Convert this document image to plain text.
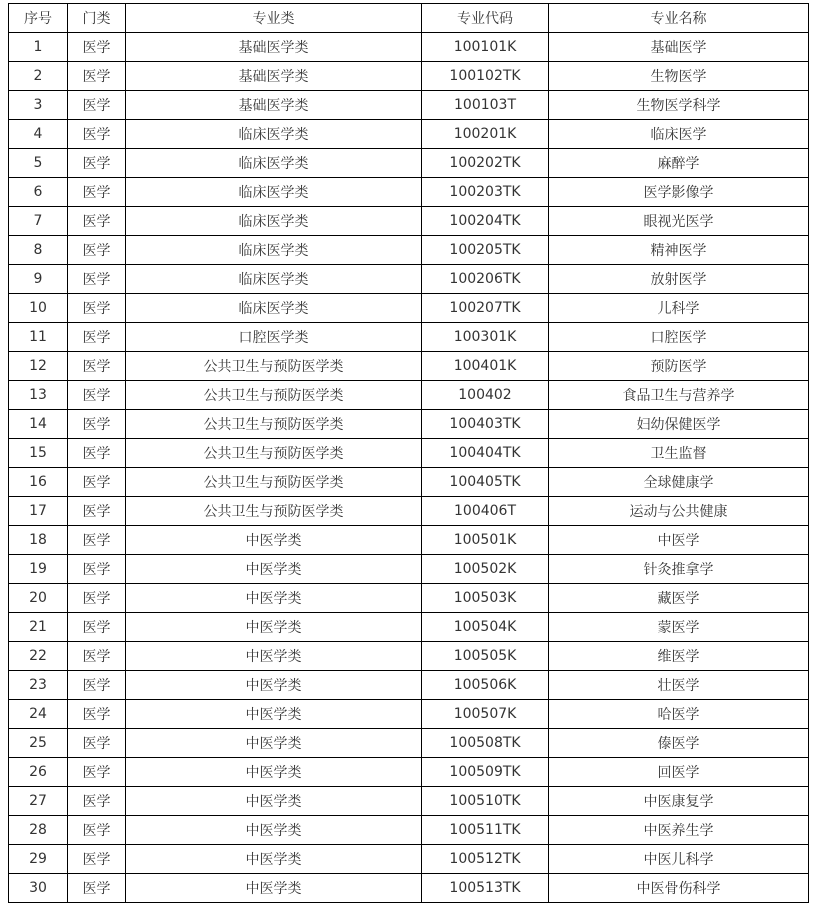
序号	门类	专业类	专业代码	专业名称
1	医学	基础医学类	100101K	基础医学
2	医学	基础医学类	100102TK	生物医学
3	医学	基础医学类	100103T	生物医学科学
4	医学	临床医学类	100201K	临床医学
5	医学	临床医学类	100202TK	麻醉学
6	医学	临床医学类	100203TK	医学影像学
7	医学	临床医学类	100204TK	眼视光医学
8	医学	临床医学类	100205TK	精神医学
9	医学	临床医学类	100206TK	放射医学
10	医学	临床医学类	100207TK	儿科学
11	医学	口腔医学类	100301K	口腔医学
12	医学	公共卫生与预防医学类	100401K	预防医学
13	医学	公共卫生与预防医学类	100402	食品卫生与营养学
14	医学	公共卫生与预防医学类	100403TK	妇幼保健医学
15	医学	公共卫生与预防医学类	100404TK	卫生监督
16	医学	公共卫生与预防医学类	100405TK	全球健康学
17	医学	公共卫生与预防医学类	100406T	运动与公共健康
18	医学	中医学类	100501K	中医学
19	医学	中医学类	100502K	针灸推拿学
20	医学	中医学类	100503K	藏医学
21	医学	中医学类	100504K	蒙医学
22	医学	中医学类	100505K	维医学
23	医学	中医学类	100506K	壮医学
24	医学	中医学类	100507K	哈医学
25	医学	中医学类	100508TK	傣医学
26	医学	中医学类	100509TK	回医学
27	医学	中医学类	100510TK	中医康复学
28	医学	中医学类	100511TK	中医养生学
29	医学	中医学类	100512TK	中医儿科学
30	医学	中医学类	100513TK	中医骨伤科学
